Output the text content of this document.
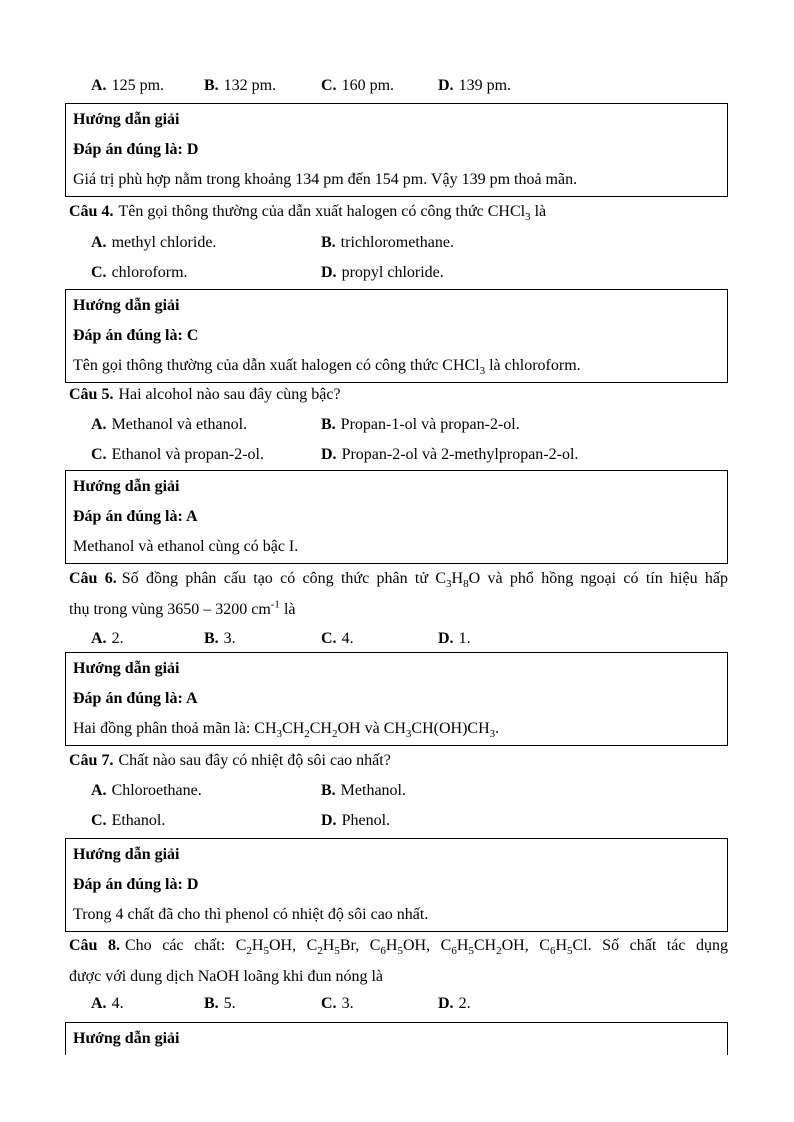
A. 125 pm. B. 132 pm.	C. 160 pm.	D. 139 pm.
Hướng dẫn giải
Đáp án đúng là: D
Giá trị phù hợp nằm trong khoảng 134 pm đến 154 pm. Vậy 139 pm thoả mãn.
Câu 4. Tên gọi thông thường của dẫn xuất halogen có công thức CHCl$_3$ là
A. methyl chloride.	B. trichloromethane.
C. chloroform.	D. propyl chloride.
Hướng dẫn giải
Đáp án đúng là: C
Tên gọi thông thường của dẫn xuất halogen có công thức CHCl$_3$ là chloroform.
Câu 5. Hai alcohol nào sau đây cùng bậc?
A. Methanol và ethanol.	B. Propan-1-ol và propan-2-ol.
C. Ethanol và propan-2-ol.	D. Propan-2-ol và 2-methylpropan-2-ol.
Hướng dẫn giải
Đáp án đúng là: A
Methanol và ethanol cùng có bậc I.
Câu 6. Số đồng phân cấu tạo có công thức phân tử $C_3H_8O$ và phổ hồng ngoại có tín hiệu hấp
thụ trong vùng 3650 – 3200 $cm^{-1}$ là
A. 2.	B. 3.	C. 4.	D. 1.
Hướng dẫn giải
Đáp án đúng là: A
Hai đồng phân thoả mãn là: $CH_3CH_2CH_2OH$ và $CH_3CH(OH)CH_3$.
Câu 7. Chất nào sau đây có nhiệt độ sôi cao nhất?
A. Chloroethane.	B. Methanol.
C. Ethanol.	D. Phenol.
Hướng dẫn giải
Đáp án đúng là: D
Trong 4 chất đã cho thì phenol có nhiệt độ sôi cao nhất.
Câu 8. Cho các chất: $C_2H_5OH$, $C_2H_5Br$, $C_6H_5OH$, $C_6H_5CH_2OH$, $C_6H_5Cl$. Số chất tác dụng
được với dung dịch NaOH loãng khi đun nóng là
A. 4.	B. 5.	C. 3.	D. 2.
Hướng dẫn giải
